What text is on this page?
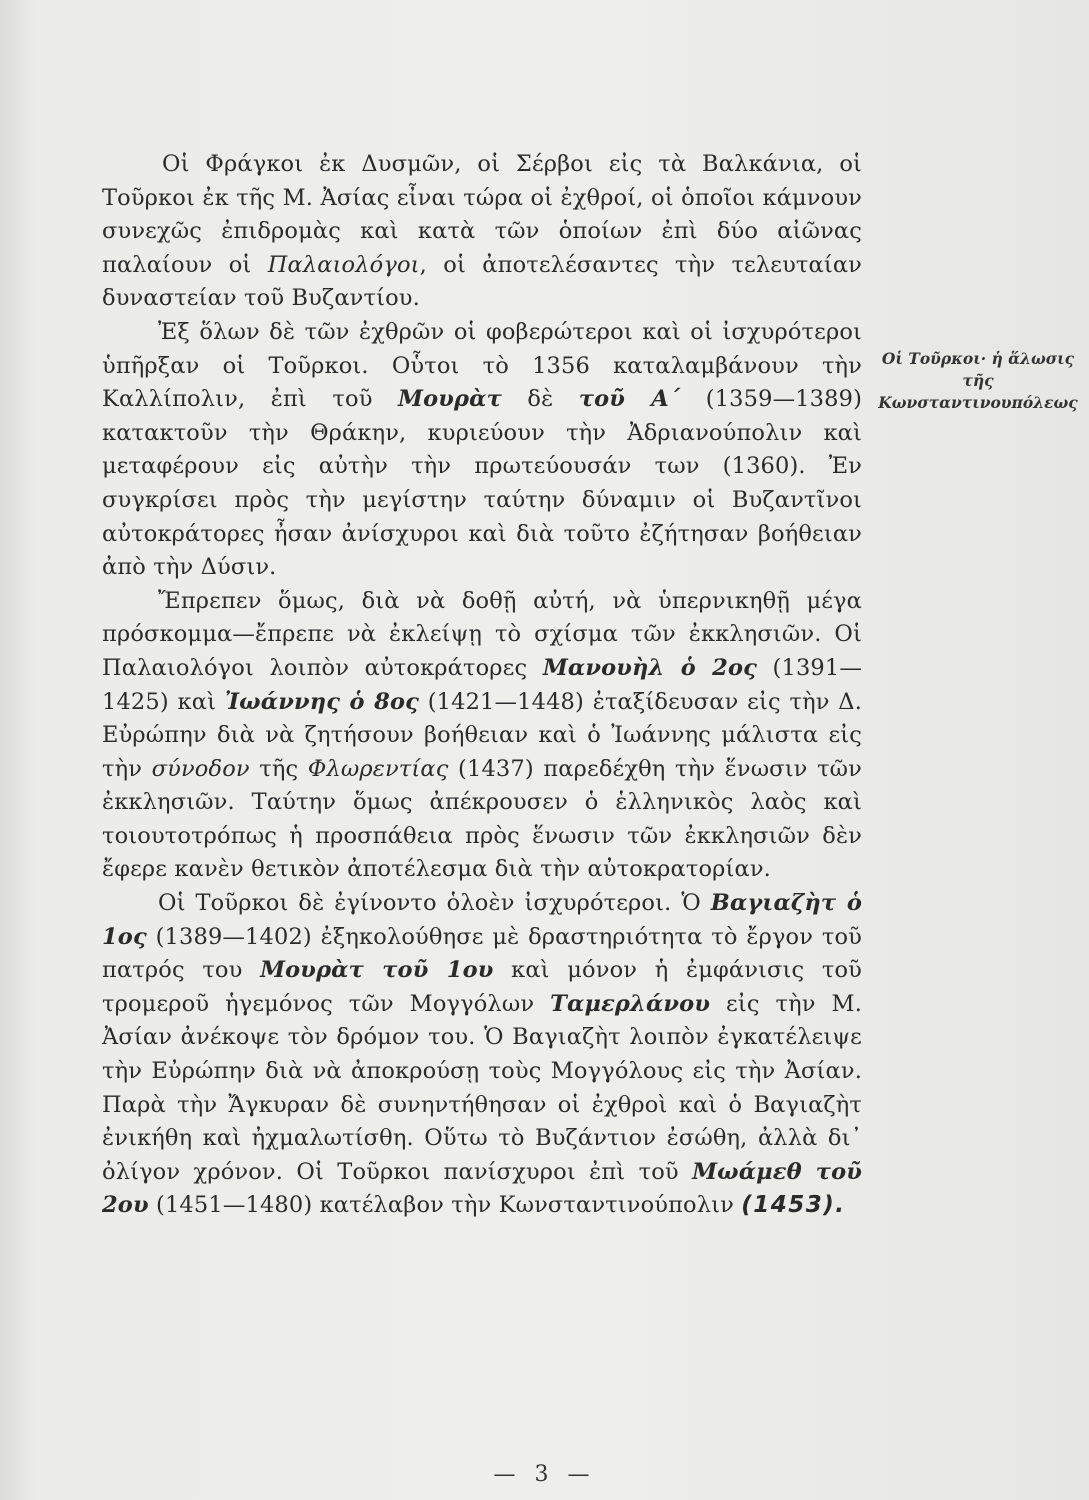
Οἱ Φράγκοι ἐκ Δυσμῶν, οἱ Σέρβοι εἰς τὰ Βαλκάνια, οἱ Τοῦρκοι ἐκ τῆς Μ. Ἀσίας εἶναι τώρα οἱ ἐχθροί, οἱ ὁποῖοι κάμνουν συνεχῶς ἐπιδρομὰς καὶ κατὰ τῶν ὁποίων ἐπὶ δύο αἰῶνας παλαίουν οἱ Παλαιολόγοι, οἱ ἀποτελέσαντες τὴν τελευταίαν δυναστείαν τοῦ Βυζαντίου.

Ἐξ ὅλων δὲ τῶν ἐχθρῶν οἱ φοβερώτεροι καὶ οἱ ἰσχυρότεροι ὑπῆρξαν οἱ Τοῦρκοι. Οὗτοι τὸ 1356 καταλαμβάνουν τὴν Καλλίπολιν, ἐπὶ τοῦ Μουρὰτ δὲ τοῦ Α΄ (1359—1389) κατακτοῦν τὴν Θράκην, κυριεύουν τὴν Ἀδριανούπολιν καὶ μεταφέρουν εἰς αὐτὴν τὴν πρωτεύουσάν των (1360). Ἐν συγκρίσει πρὸς τὴν μεγίστην ταύτην δύναμιν οἱ Βυζαντῖνοι αὐτοκράτορες ἦσαν ἀνίσχυροι καὶ διὰ τοῦτο ἐζήτησαν βοήθειαν ἀπὸ τὴν Δύσιν.

Ἔπρεπεν ὅμως, διὰ νὰ δοθῇ αὐτή, νὰ ὑπερνικηθῇ μέγα πρόσκομμα—ἔπρεπε νὰ ἐκλείψῃ τὸ σχίσμα τῶν ἐκκλησιῶν. Οἱ Παλαιολόγοι λοιπὸν αὐτοκράτορες Μανουὴλ ὁ 2ος (1391—1425) καὶ Ἰωάννης ὁ 8ος (1421—1448) ἐταξίδευσαν εἰς τὴν Δ. Εὐρώπην διὰ νὰ ζητήσουν βοήθειαν καὶ ὁ Ἰωάννης μάλιστα εἰς τὴν σύνοδον τῆς Φλωρεντίας (1437) παρεδέχθη τὴν ἕνωσιν τῶν ἐκκλησιῶν. Ταύτην ὅμως ἀπέκρουσεν ὁ ἑλληνικὸς λαὸς καὶ τοιουτοτρόπως ἡ προσπάθεια πρὸς ἕνωσιν τῶν ἐκκλησιῶν δὲν ἔφερε κανὲν θετικὸν ἀποτέλεσμα διὰ τὴν αὐτοκρατορίαν.

Οἱ Τοῦρκοι δὲ ἐγίνοντο ὁλοὲν ἰσχυρότεροι. Ὁ Βαγιαζὴτ ὁ 1ος (1389—1402) ἐξηκολούθησε μὲ δραστηριότητα τὸ ἔργον τοῦ πατρός του Μουρὰτ τοῦ 1ου καὶ μόνον ἡ ἐμφάνισις τοῦ τρομεροῦ ἡγεμόνος τῶν Μογγόλων Ταμερλάνου εἰς τὴν Μ. Ἀσίαν ἀνέκοψε τὸν δρόμον του. Ὁ Βαγιαζὴτ λοιπὸν ἐγκατέλειψε τὴν Εὐρώπην διὰ νὰ ἀποκρούσῃ τοὺς Μογγόλους εἰς τὴν Ἀσίαν. Παρὰ τὴν Ἄγκυραν δὲ συνηντήθησαν οἱ ἐχθροὶ καὶ ὁ Βαγιαζὴτ ἐνικήθη καὶ ἠχμαλωτίσθη. Οὕτω τὸ Βυζάντιον ἐσώθη, ἀλλὰ δι᾽ ὀλίγον χρόνον. Οἱ Τοῦρκοι πανίσχυροι ἐπὶ τοῦ Μωάμεθ τοῦ 2ου (1451—1480) κατέλαβον τὴν Κωνσταντινούπολιν (1453).

Οἱ Τοῦρκοι· ἡ ἅλωσις τῆς Κωνσταντινουπόλεως
— 3 —
